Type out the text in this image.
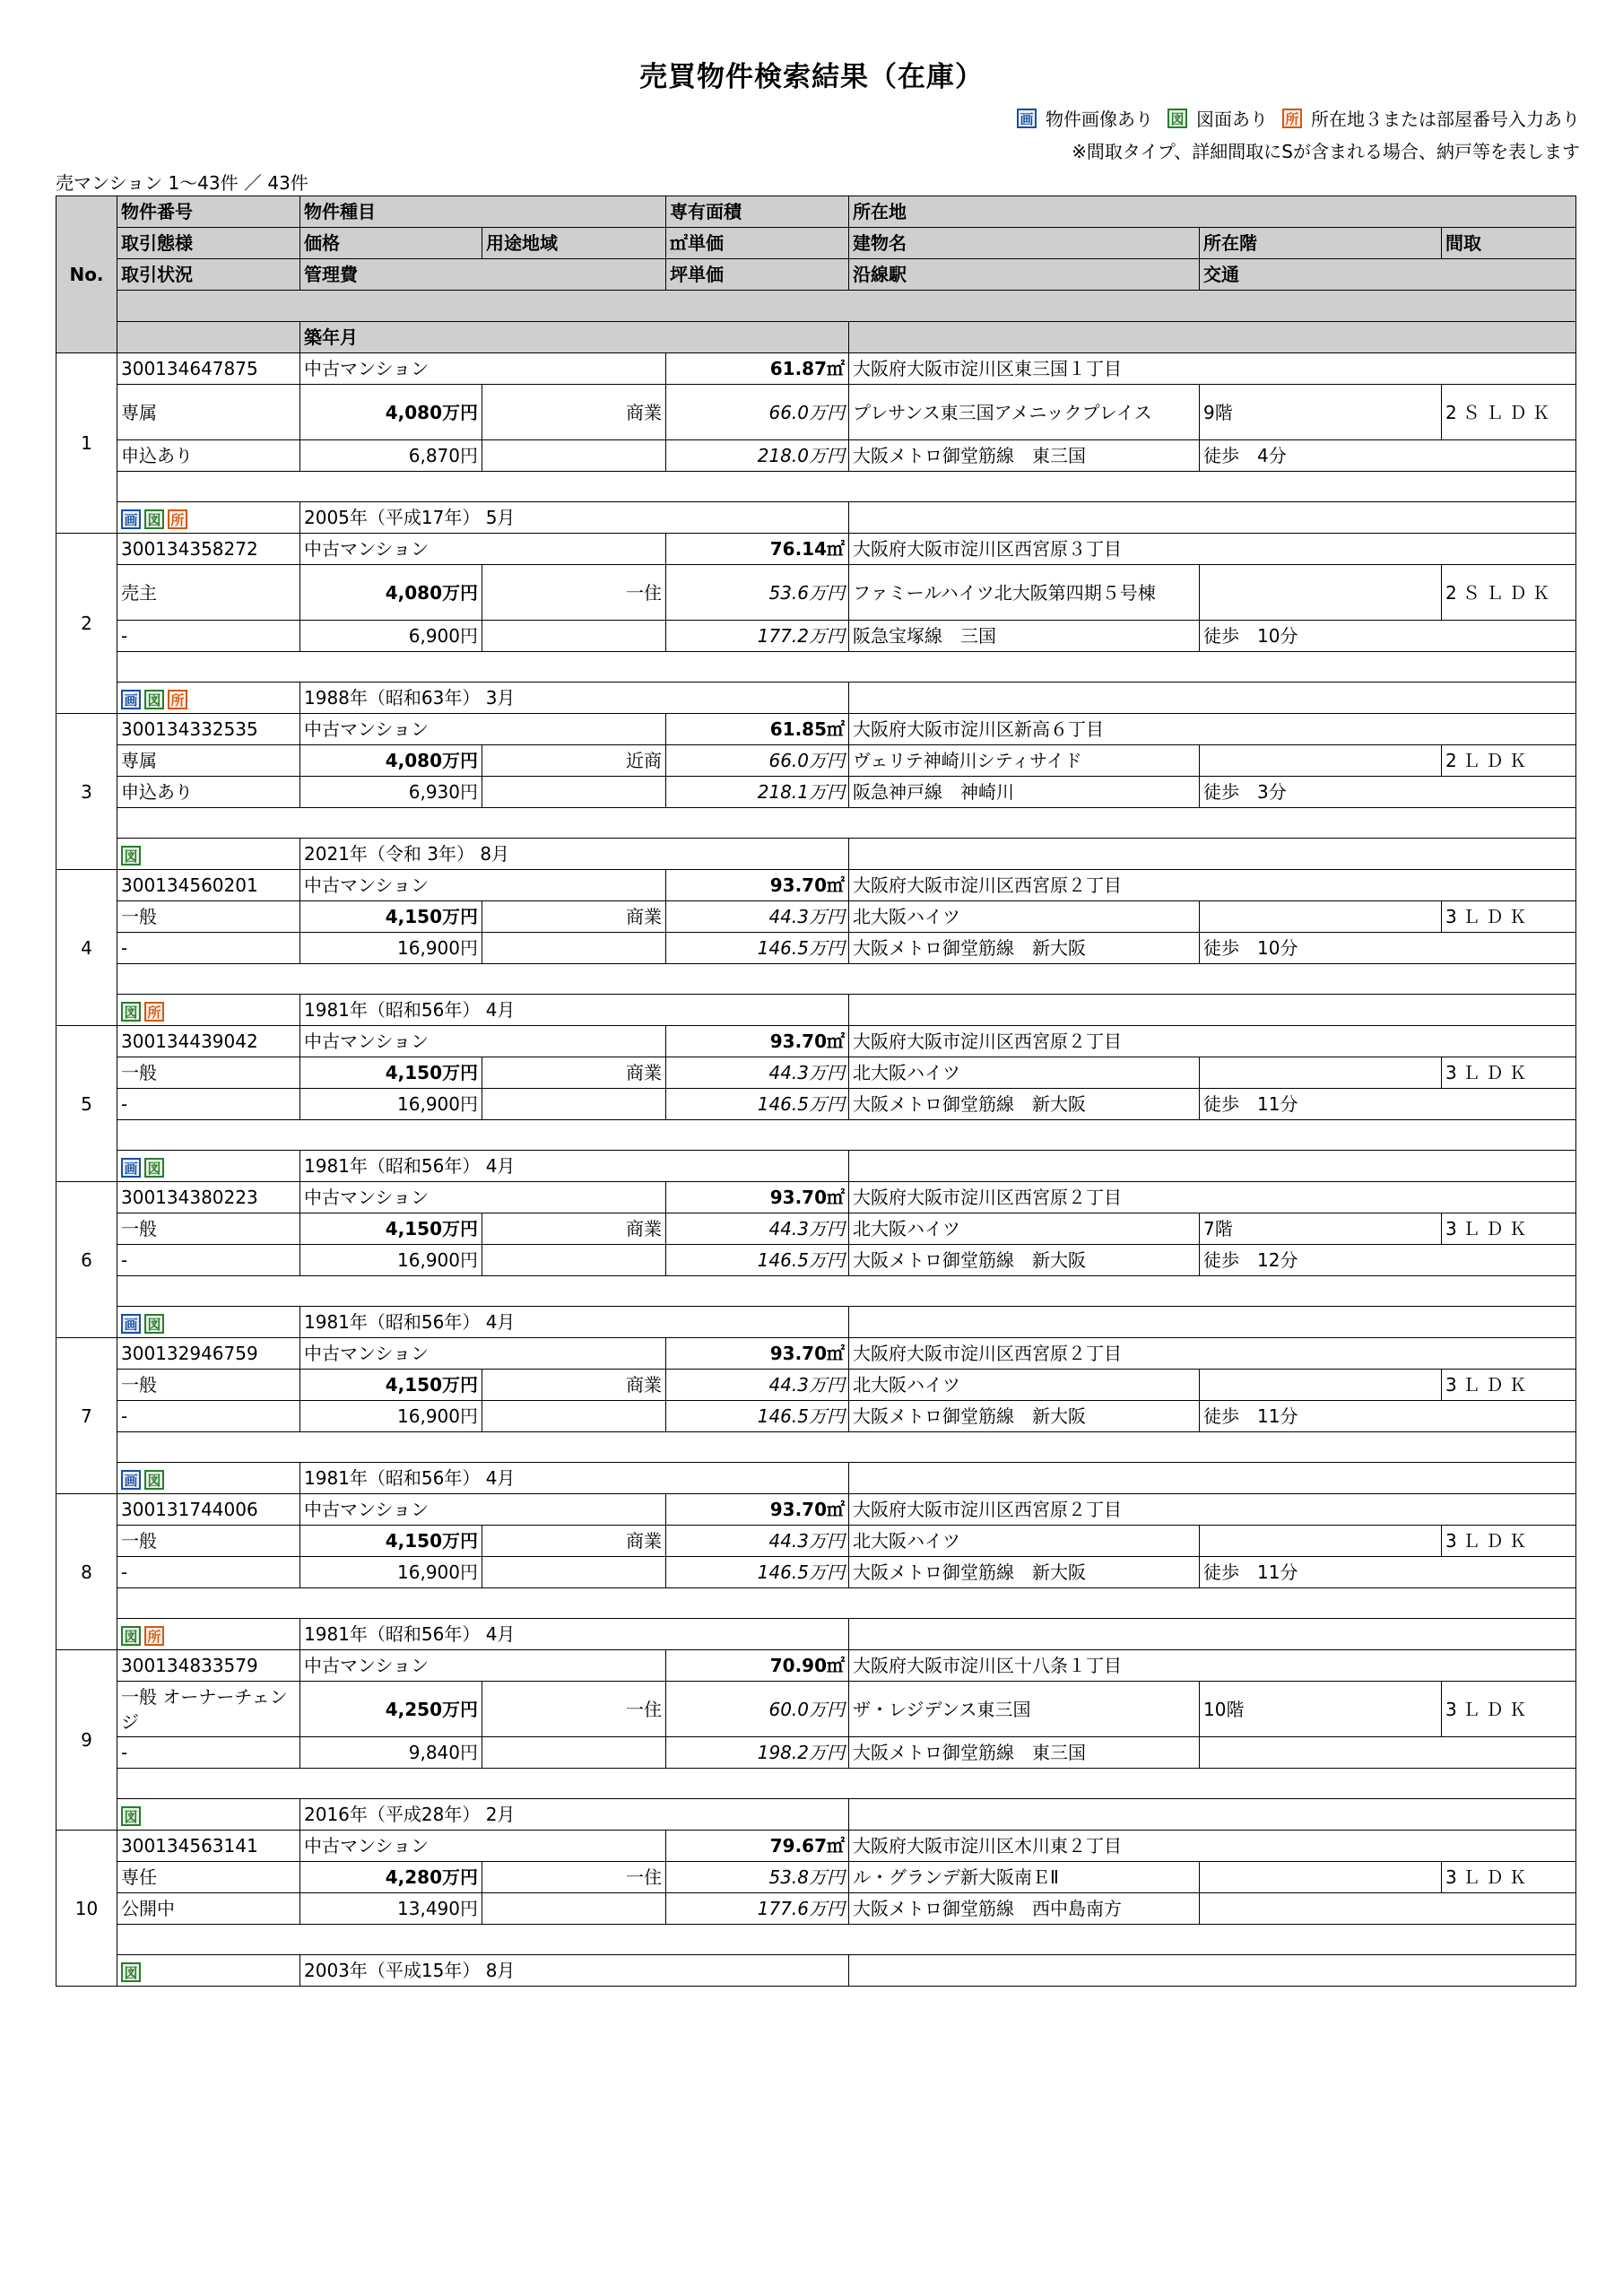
売買物件検索結果（在庫）
画 物件画像あり 図 図面あり 所 所在地３または部屋番号入力あり
※間取タイプ、詳細間取にSが含まれる場合、納戸等を表します
売マンション 1〜43件 ／ 43件
No.	物件番号	物件種目		専有面積	所在地		
	取引態様	価格	用途地域	㎡単価	建物名	所在階	間取
	取引状況	管理費		坪単価	沿線駅	交通	

		築年月					
1	300134647875	中古マンション		61.87㎡	大阪府大阪市淀川区東三国１丁目		
	専属	4,080万円	商業	66.0万円	プレサンス東三国アメニックプレイス	9階	2ＳＬＤＫ
	申込あり	6,870円		218.0万円	大阪メトロ御堂筋線　東三国	徒歩　4分	

	画 図 所	2005年（平成17年） 5月					
2	300134358272	中古マンション		76.14㎡	大阪府大阪市淀川区西宮原３丁目		
	売主	4,080万円	一住	53.6万円	ファミールハイツ北大阪第四期５号棟		2ＳＬＤＫ
	-	6,900円		177.2万円	阪急宝塚線　三国	徒歩　10分	

	画 図 所	1988年（昭和63年） 3月					
3	300134332535	中古マンション		61.85㎡	大阪府大阪市淀川区新高６丁目		
	専属	4,080万円	近商	66.0万円	ヴェリテ神崎川シティサイド		2ＬＤＫ
	申込あり	6,930円		218.1万円	阪急神戸線　神崎川	徒歩　3分	

	図	2021年（令和 3年） 8月					
4	300134560201	中古マンション		93.70㎡	大阪府大阪市淀川区西宮原２丁目		
	一般	4,150万円	商業	44.3万円	北大阪ハイツ		3ＬＤＫ
	-	16,900円		146.5万円	大阪メトロ御堂筋線　新大阪	徒歩　10分	

	図 所	1981年（昭和56年） 4月					
5	300134439042	中古マンション		93.70㎡	大阪府大阪市淀川区西宮原２丁目		
	一般	4,150万円	商業	44.3万円	北大阪ハイツ		3ＬＤＫ
	-	16,900円		146.5万円	大阪メトロ御堂筋線　新大阪	徒歩　11分	

	画 図	1981年（昭和56年） 4月					
6	300134380223	中古マンション		93.70㎡	大阪府大阪市淀川区西宮原２丁目		
	一般	4,150万円	商業	44.3万円	北大阪ハイツ	7階	3ＬＤＫ
	-	16,900円		146.5万円	大阪メトロ御堂筋線　新大阪	徒歩　12分	

	画 図	1981年（昭和56年） 4月					
7	300132946759	中古マンション		93.70㎡	大阪府大阪市淀川区西宮原２丁目		
	一般	4,150万円	商業	44.3万円	北大阪ハイツ		3ＬＤＫ
	-	16,900円		146.5万円	大阪メトロ御堂筋線　新大阪	徒歩　11分	

	画 図	1981年（昭和56年） 4月					
8	300131744006	中古マンション		93.70㎡	大阪府大阪市淀川区西宮原２丁目		
	一般	4,150万円	商業	44.3万円	北大阪ハイツ		3ＬＤＫ
	-	16,900円		146.5万円	大阪メトロ御堂筋線　新大阪	徒歩　11分	

	図 所	1981年（昭和56年） 4月					
9	300134833579	中古マンション		70.90㎡	大阪府大阪市淀川区十八条１丁目		
	一般 オーナーチェンジ	4,250万円	一住	60.0万円	ザ・レジデンス東三国	10階	3ＬＤＫ
	-	9,840円		198.2万円	大阪メトロ御堂筋線　東三国		

	図	2016年（平成28年） 2月					
10	300134563141	中古マンション		79.67㎡	大阪府大阪市淀川区木川東２丁目		
	専任	4,280万円	一住	53.8万円	ル・グランデ新大阪南ＥⅡ		3ＬＤＫ
	公開中	13,490円		177.6万円	大阪メトロ御堂筋線　西中島南方		

	図	2003年（平成15年） 8月					
